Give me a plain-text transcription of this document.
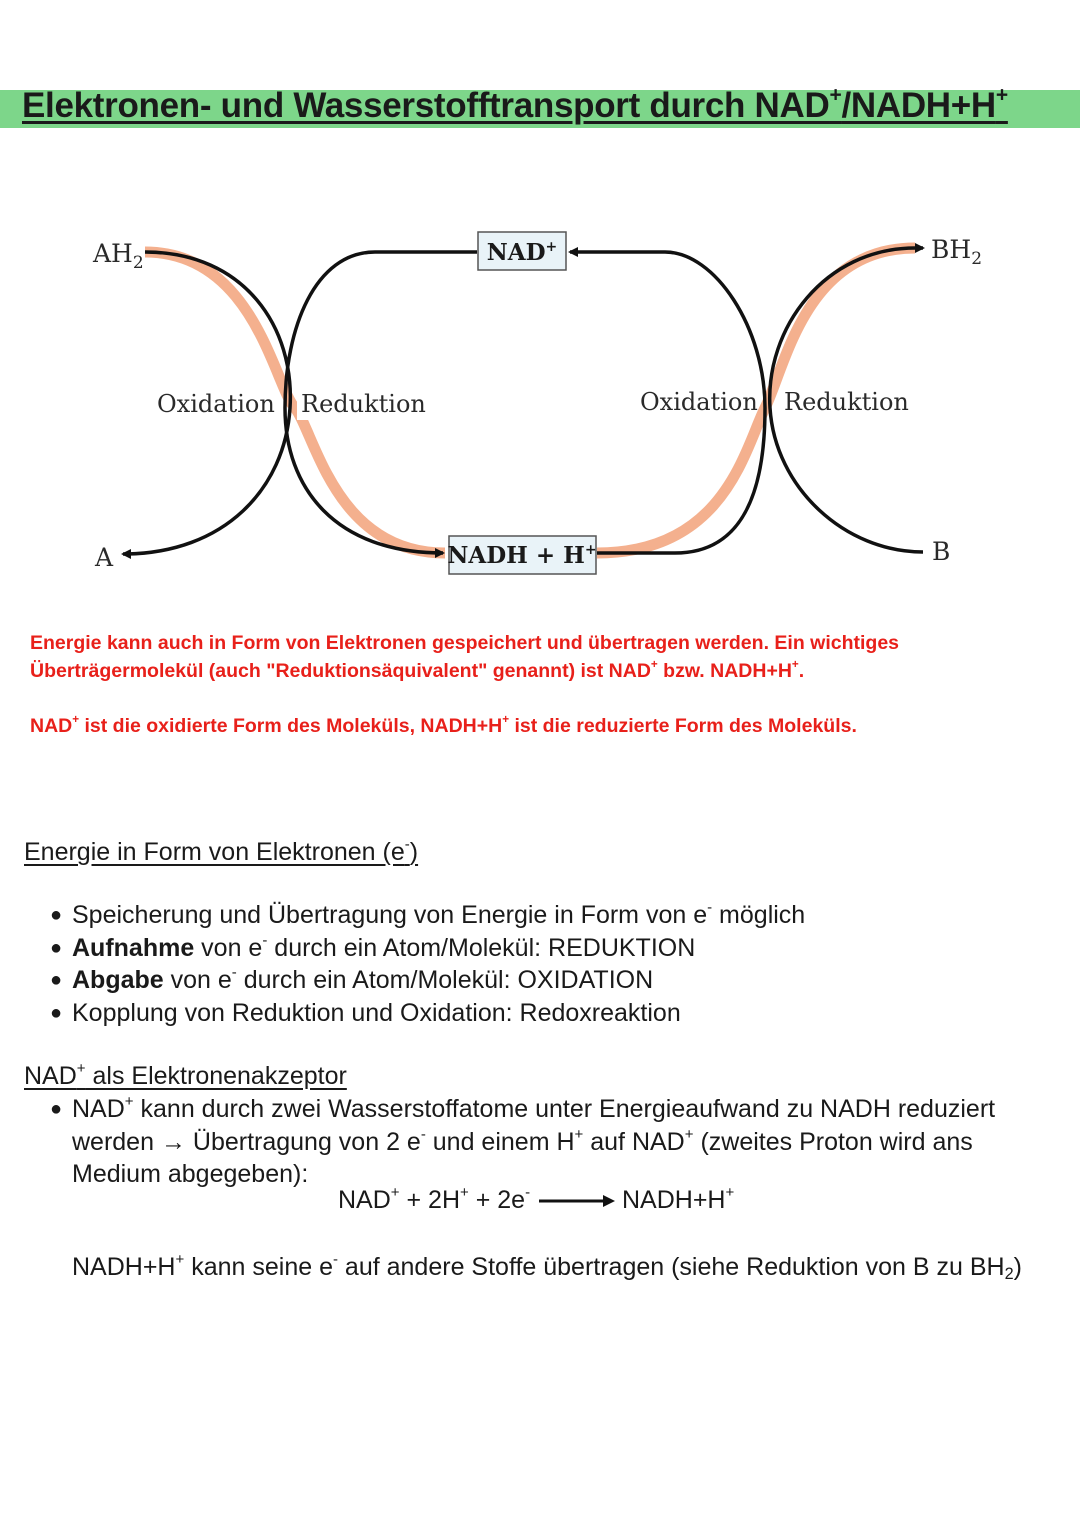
Elektronen- und Wasserstofftransport durch NAD+/NADH+H+
NAD+
NADH + H+
$AH_2$
A
$BH_2$
B
Oxidation Reduktion	Oxidation Reduktion

Energie kann auch in Form von Elektronen gespeichert und übertragen werden. Ein wichtiges Überträgermolekül (auch "Reduktionsäquivalent" genannt) ist NAD+ bzw. NADH+H+.

NAD+ ist die oxidierte Form des Moleküls, NADH+H+ ist die reduzierte Form des Moleküls.

Energie in Form von Elektronen (e-)
● Speicherung und Übertragung von Energie in Form von e- möglich
● Aufnahme von e- durch ein Atom/Molekül: REDUKTION
● Abgabe von e- durch ein Atom/Molekül: OXIDATION
● Kopplung von Reduktion und Oxidation: Redoxreaktion
NAD+ als Elektronenakzeptor
● NAD+ kann durch zwei Wasserstoffatome unter Energieaufwand zu NADH reduziert werden → Übertragung von 2 e- und einem H+ auf NAD+ (zweites Proton wird ans Medium abgegeben):
NAD+ + 2H+ + 2e- → NADH+H+

NADH+H+ kann seine e- auf andere Stoffe übertragen (siehe Reduktion von B zu $BH_2$)
